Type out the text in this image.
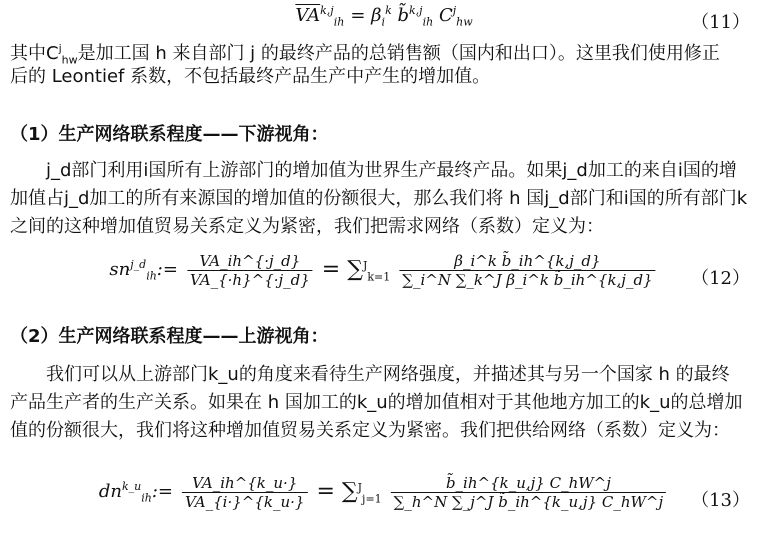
$\overline{VA}^{k,j}_{ih} = \beta_i^k$ b̃$^{k,j}_{ih}$ $C^j_{hw}$	（11）
其中$C^j_{hw}$是加工国 h 来自部门 j 的最终产品的总销售额（国内和出口）。这里我们使用修正
后的 Leontief 系数，不包括最终产品生产中产生的增加值。
（1）生产网络联系程度——下游视角：
j_d部门利用i国所有上游部门的增加值为世界生产最终产品。如果j_d加工的来自i国的增
加值占j_d加工的所有来源国的增加值的份额很大，那么我们将 h 国j_d部门和i国的所有部门k
之间的这种增加值贸易关系定义为紧密，我们把需求网络（系数）定义为：
$sn^{j\_d}_{ih}:= \frac{VA\_ih\^{}\{\cdot j\_d\}}{VA\_\{\cdot h\}\^{}\{\cdot j\_d\}} = \sum^J_{k=1} \frac{\text{β\_i\textasciicircum{}k b̃\_ih\textasciicircum{}\{k,j\_d\}}}{\text{∑\_i\textasciicircum{}N ∑\_k\textasciicircum{}J β\_i\textasciicircum{}k b̃\_ih\textasciicircum{}\{k,j\_d\}}} (12)$
（2）生产网络联系程度——上游视角：
我们可以从上游部门k_u的角度来看待生产网络强度，并描述其与另一个国家 h 的最终
产品生产者的生产关系。如果在 h 国加工的k_u的增加值相对于其他地方加工的k_u的总增加
值的份额很大，我们将这种增加值贸易关系定义为紧密。我们把供给网络（系数）定义为：
$dn^{k\_u}_{ih}:= \frac{VA\_ih\^{}\{k\_u\cdot\}}{VA\_\{i\cdot\}\^{}\{k\_u\cdot\}} = \sum^J_{j=1} \frac{b̃\_ih\^{}\{k\_u,j\} C\_hW\^{}j}{\text{∑\_h\textasciicircum{}N ∑\_j\textasciicircum{}J b̃\_ih\textasciicircum{}\{k\_u,j\} C\_hW\textasciicircum{}j}} (13)$
